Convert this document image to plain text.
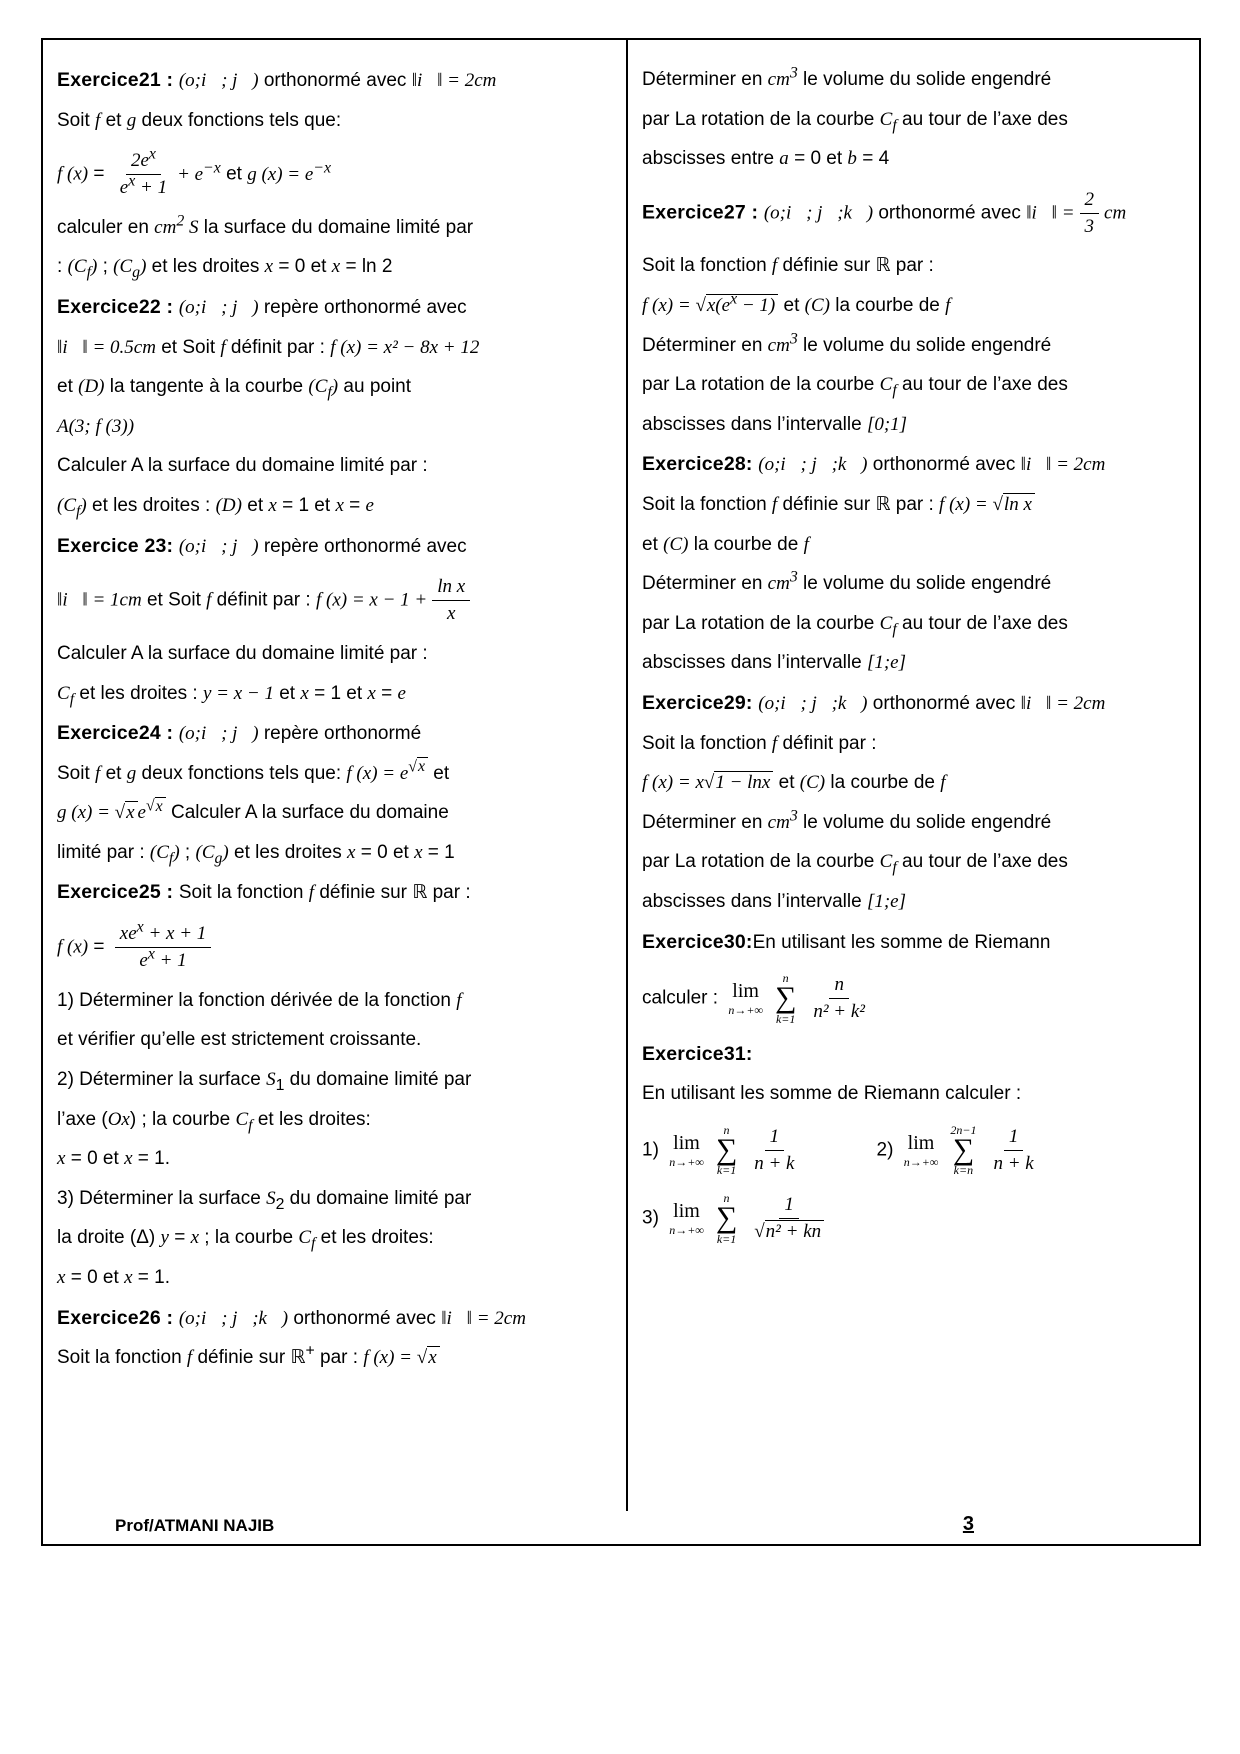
Exercice21 : (o;i⃗; j⃗) orthonormé avec ‖i⃗‖ = 2cm
Soit f et g deux fonctions tels que:
f $(x) = \frac{2e^x}{e^x + 1} + e^{-x}$ et g $(x) = e^{-x}$
calculer en $cm^2$ S la surface du domaine limité par
: $(C_f)$ ; $(C_g)$ et les droites x = 0 et x = ln 2
Exercice22 : (o;i⃗; j⃗) repère orthonormé avec
‖i⃗‖ = 0.5cm et Soit f définit par : f (x) = x² − 8x + 12
et (D) la tangente à la courbe $(C_f)$ au point
A(3; f (3))
Calculer A la surface du domaine limité par :
$(C_f)$ et les droites : (D) et x = 1 et x = e
Exercice 23: (o;i⃗; j⃗) repère orthonormé avec
‖i⃗‖ = 1cm et Soit f définit par : f $(x) = x - 1 + \frac{\text{ln x}}{x}$
Calculer A la surface du domaine limité par :
$C_f$ et les droites : y = x − 1 et x = 1 et x = e
Exercice24 : (o;i⃗; j⃗) repère orthonormé
Soit f et g deux fonctions tels que: f $(x) = e^{√x}$ et
g (x) = √x $e^{√x}$ Calculer A la surface du domaine
limité par : $(C_f)$ ; $(C_g)$ et les droites x = 0 et x = 1
Exercice25 : Soit la fonction f définie sur ℝ par :
f $(x) = \frac{xe^x + x + 1}{e^x + 1}$
1) Déterminer la fonction dérivée de la fonction f
et vérifier qu’elle est strictement croissante.
2) Déterminer la surface $S_1$ du domaine limité par
l’axe (Ox) ; la courbe $C_f$ et les droites:
x = 0 et x = 1.
3) Déterminer la surface $S_2$ du domaine limité par
la droite (Δ) y = x ; la courbe $C_f$ et les droites:
x = 0 et x = 1.
Exercice26 : (o;i⃗; j⃗;k⃗) orthonormé avec ‖i⃗‖ = 2cm
Soit la fonction f définie sur ℝ+ par : f (x) = √x
Déterminer en $cm^3$ le volume du solide engendré
par La rotation de la courbe $C_f$ au tour de l’axe des
abscisses entre a = 0 et b = 4
Exercice27 : (o;i⃗; j⃗;k⃗) orthonormé avec ‖i⃗‖ = $\frac{2}{3}$ cm
Soit la fonction f définie sur ℝ par :
f $(x) = √x(e^x - 1)$ et (C) la courbe de f
Déterminer en $cm^3$ le volume du solide engendré
par La rotation de la courbe $C_f$ au tour de l’axe des
abscisses dans l’intervalle [0;1]
Exercice28: (o;i⃗; j⃗;k⃗) orthonormé avec ‖i⃗‖ = 2cm
Soit la fonction f définie sur ℝ par : f (x) = √ln x
et (C) la courbe de f
Déterminer en $cm^3$ le volume du solide engendré
par La rotation de la courbe $C_f$ au tour de l’axe des
abscisses dans l’intervalle [1;e]
Exercice29: (o;i⃗; j⃗;k⃗) orthonormé avec ‖i⃗‖ = 2cm
Soit la fonction f définit par :
f (x) = x√1 − lnx et (C) la courbe de f
Déterminer en $cm^3$ le volume du solide engendré
par La rotation de la courbe $C_f$ au tour de l’axe des
abscisses dans l’intervalle [1;e]
Exercice30:En utilisant les somme de Riemann
calculer : lim
n→+∞
n
∑
$k=1 \frac{n}{\text{n² + k²}}$
Exercice31:
En utilisant les somme de Riemann calculer :
1) lim
n→+∞
n
∑
$k=1 \frac{1}{n + k}$	2) lim
n→+∞
2n−1
∑
$k=n \frac{1}{n + k}$
3) lim
n→+∞
n
∑
$k=1 \frac{1}{\text{√n² + kn}}$
Prof/ATMANI NAJIB	3
